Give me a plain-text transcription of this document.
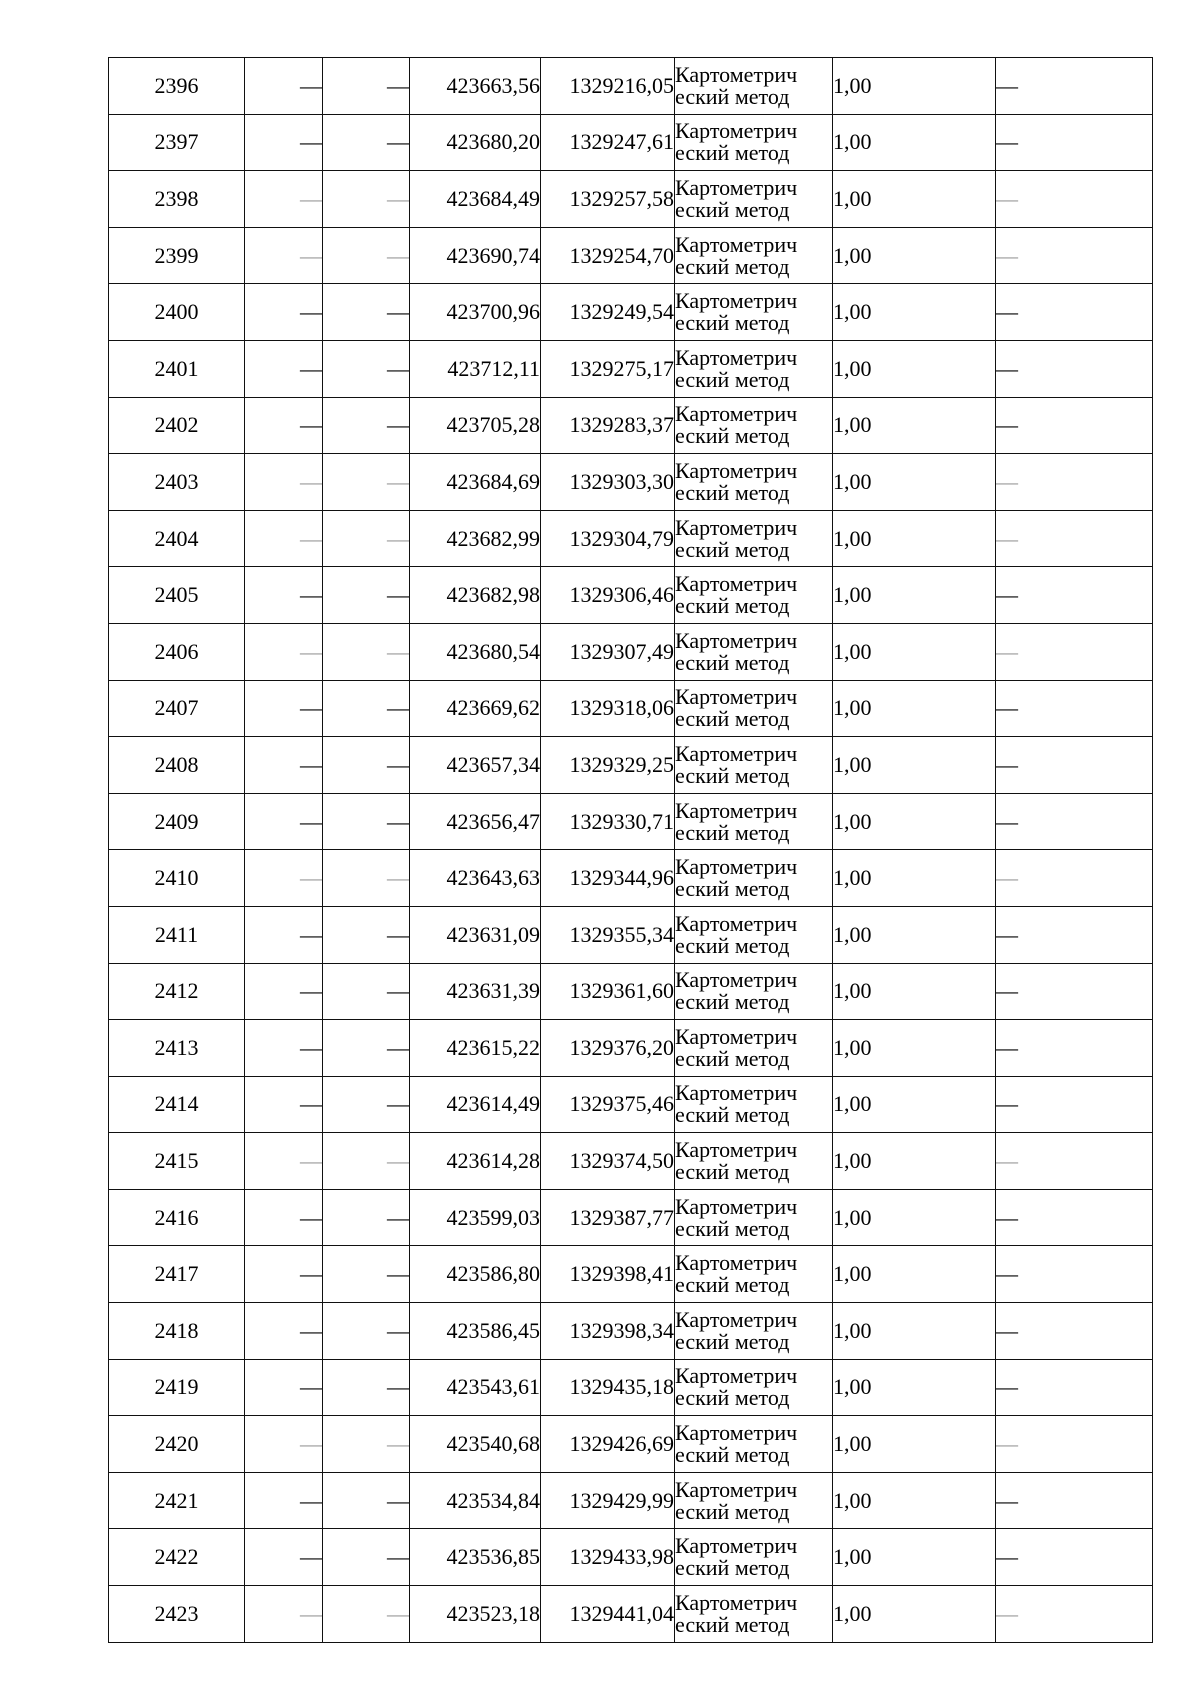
2396	—	—	423663,56	1329216,05	Картометрич
еский метод	1,00	—
2397	—	—	423680,20	1329247,61	Картометрич
еский метод	1,00	—
2398	—	—	423684,49	1329257,58	Картометрич
еский метод	1,00	—
2399	—	—	423690,74	1329254,70	Картометрич
еский метод	1,00	—
2400	—	—	423700,96	1329249,54	Картометрич
еский метод	1,00	—
2401	—	—	423712,11	1329275,17	Картометрич
еский метод	1,00	—
2402	—	—	423705,28	1329283,37	Картометрич
еский метод	1,00	—
2403	—	—	423684,69	1329303,30	Картометрич
еский метод	1,00	—
2404	—	—	423682,99	1329304,79	Картометрич
еский метод	1,00	—
2405	—	—	423682,98	1329306,46	Картометрич
еский метод	1,00	—
2406	—	—	423680,54	1329307,49	Картометрич
еский метод	1,00	—
2407	—	—	423669,62	1329318,06	Картометрич
еский метод	1,00	—
2408	—	—	423657,34	1329329,25	Картометрич
еский метод	1,00	—
2409	—	—	423656,47	1329330,71	Картометрич
еский метод	1,00	—
2410	—	—	423643,63	1329344,96	Картометрич
еский метод	1,00	—
2411	—	—	423631,09	1329355,34	Картометрич
еский метод	1,00	—
2412	—	—	423631,39	1329361,60	Картометрич
еский метод	1,00	—
2413	—	—	423615,22	1329376,20	Картометрич
еский метод	1,00	—
2414	—	—	423614,49	1329375,46	Картометрич
еский метод	1,00	—
2415	—	—	423614,28	1329374,50	Картометрич
еский метод	1,00	—
2416	—	—	423599,03	1329387,77	Картометрич
еский метод	1,00	—
2417	—	—	423586,80	1329398,41	Картометрич
еский метод	1,00	—
2418	—	—	423586,45	1329398,34	Картометрич
еский метод	1,00	—
2419	—	—	423543,61	1329435,18	Картометрич
еский метод	1,00	—
2420	—	—	423540,68	1329426,69	Картометрич
еский метод	1,00	—
2421	—	—	423534,84	1329429,99	Картометрич
еский метод	1,00	—
2422	—	—	423536,85	1329433,98	Картометрич
еский метод	1,00	—
2423	—	—	423523,18	1329441,04	Картометрич
еский метод	1,00	—
